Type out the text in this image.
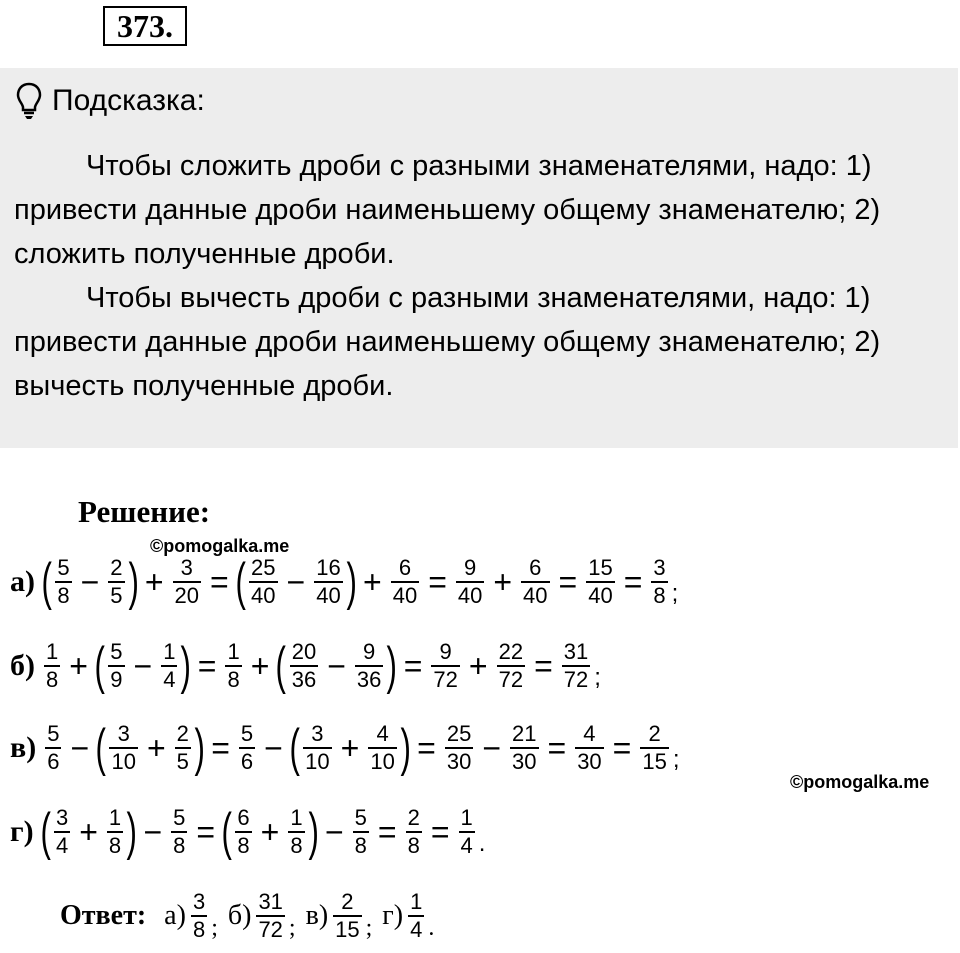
373.
Подсказка:

Чтобы сложить дроби с разными знаменателями, надо: 1) привести данные дроби наименьшему общему знаменателю; 2) сложить полученные дроби.

Чтобы вычесть дроби с разными знаменателями, надо: 1) привести данные дроби наименьшему общему знаменателю; 2) вычесть полученные дроби.

Решение:
©pomogalka.me
©pomogalka.me
а) ( $\frac{5}{8} - \frac{2}{5}$ ) + $\frac{3}{20}$ = ( $\frac{25}{40} - \frac{16}{40}$ ) + $\frac{6}{40} = \frac{9}{40} + \frac{6}{40} = \frac{15}{40} = \frac{3}{8}$ ;
$б) \frac{1}{8}$ + ( $\frac{5}{9} - \frac{1}{4}$ ) = $\frac{1}{8}$ + ( $\frac{20}{36} - \frac{9}{36}$ ) = $\frac{9}{72} + \frac{22}{72} = \frac{31}{72}$ ;
$в) \frac{5}{6}$ − ( $\frac{3}{10} + \frac{2}{5}$ ) = $\frac{5}{6}$ − ( $\frac{3}{10} + \frac{4}{10}$ ) = $\frac{25}{30} - \frac{21}{30} = \frac{4}{30} = \frac{2}{15}$ ;
г) ( $\frac{3}{4} + \frac{1}{8}$ ) − $\frac{5}{8}$ = ( $\frac{6}{8} + \frac{1}{8}$ ) − $\frac{5}{8} = \frac{2}{8} = \frac{1}{4}$ .
Ответ: $а) \frac{3}{8}$ ; $б) \frac{31}{72}$ ; $в) \frac{2}{15}$ ; $г) \frac{1}{4}$ .
